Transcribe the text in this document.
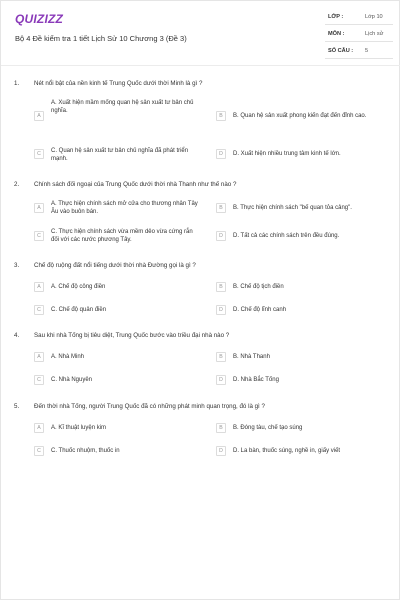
QUIZIZZ
Bộ 4 Đề kiểm tra 1 tiết Lịch Sử 10 Chương 3 (Đề 3)
LỚP :	Lớp 10
MÔN :	Lịch sử
SỐ CÂU : 5
1. Nét nổi bật của nền kinh tế Trung Quốc dưới thời Minh là gì ?
A
A. Xuất hiện mầm mống quan hệ sản xuất tư bản chủ nghĩa.
B	B. Quan hệ sản xuất phong kiến đạt đến đỉnh cao.
C	C. Quan hệ sản xuất tư bản chủ nghĩa đã phát triển mạnh.
D	D. Xuất hiện nhiều trung tâm kinh tế lớn.
2. Chính sách đối ngoại của Trung Quốc dưới thời nhà Thanh như thế nào ?
A
A. Thực hiện chính sách mở cửa cho thương nhân Tây Âu vào buôn bán.
B	B. Thực hiện chính sách "bế quan tỏa cảng".
C
C. Thực hiện chính sách vừa mềm dẻo vừa cứng rắn đối với các nước phương Tây.
D	D. Tất cả các chính sách trên đều đúng.
3. Chế độ ruộng đất nổi tiếng dưới thời nhà Đường gọi là gì ?
A	A. Chế độ công điền	B	B. Chế độ tịch điền
C	C. Chế độ quân điền	D	D. Chế độ lĩnh canh
4. Sau khi nhà Tống bị tiêu diệt, Trung Quốc bước vào triều đại nhà nào ?
A	A. Nhà Minh	B	B. Nhà Thanh
C	C. Nhà Nguyên	D	D. Nhà Bắc Tống
5. Đến thời nhà Tống, người Trung Quốc đã có những phát minh quan trọng, đó là gì ?
A	A. Kĩ thuật luyện kim	B	B. Đóng tàu, chế tạo súng
C	C. Thuốc nhuộm, thuốc in	D	D. La bàn, thuốc súng, nghề in, giấy viết
